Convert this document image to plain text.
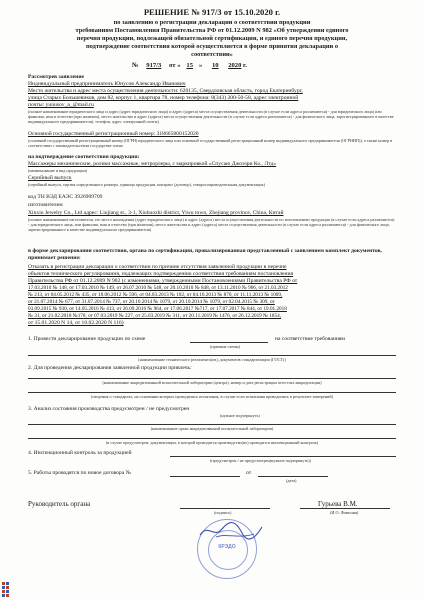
РЕШЕНИЕ № 917/3 от 15.10.2020 г.
по заявлению о регистрации декларации о соответствии продукции
требованиям Постановления Правительства РФ от 01.12.2009 N 982 «Об утверждении единого
перечня продукции, подлежащей обязательной сертификации, и единого перечня продукции,
подтверждение соответствия которой осуществляется в форме принятия декларации о
соответствии»
№ 917/3 от « 15 » 10 2020 г.
Рассмотрев заявление
Индивидуальный предприниматель Юнусов Александр Иванович
Место жительства и адрес места осуществления деятельности: 620135, Свердловская область, город Екатеринбург,
улица Старых Большевиков, дом 82, корпус 1, квартира 78, номер телефона: 8(343) 200-50-58, адрес электронной
почты: yunusov_a_@mail.ru
(полное наименование юридического лица и адрес (адрес юридического лица) и адрес (адреса) места осуществления деятельности (в случае если адреса различаются) - для юридического лица) или фамилия, имя и отчество (при наличии), место жительства и адрес (адреса) места осуществления деятельности (в случае если адреса различаются) - для физического лица, зарегистрированного в качестве индивидуального предпринимателя), телефон, адрес электронной почты)
Основной государственный регистрационный номер: 318665800152020
(основной государственный регистрационный номер (ОГРН) юридического лица или основной государственный регистрационный номер индивидуального предпринимателя (ОГРНИП)), а также номер в соответствии с законодательством государства-члена
на подтверждение соответствия продукции:
Массажеры механические, ролики массажные, метрорлеры, с маркировкой «Спусаю Джоэзри Ко., Лтд»
(наименование и вид продукции)
Серийный выпуск
(серийный выпуск, партия определенного размера, единица продукции, контракт (договор), товаросопроводительная документация)
код ТН ВЭД ЕАЭС 3926909709
изготовителем
Xinxiu Jewelry Co., Ltd адрес: Liujiang st., 3-1, Xiuhuozhi district, Yiwu town, Zhejiang province, China, Китай
(полное наименование изготовителя, его место нахождения (адрес юридического лица) и адрес (адреса) места осуществления деятельности по изготовлению продукции (в случае если адреса различаются) - для юридического лица, или фамилия, имя и отчество (при наличии), место жительства и адрес (адреса) места осуществления деятельности (в случае если адреса различаются) - для физического лица, зарегистрированного в качестве индивидуального предпринимателя)
в форме декларирования соответствия, органа по сертификации, провализированная представленный с заявлением комплект документов, принимает решение:
Отказать в регистрации декларации о соответствии по причине отсутствия заявленной продукции в перечне
объектов технического регулирования, подлежащих подтверждению соответствия требованиям постановления
Правительства РФ от 01.12.2009 N 982 (с изменениями, утвержденными Постановлениями Правительства РФ от
17.03.2010 № 148, от 17.03.2010 № 149, от 26.07.2010 № 548, от 20.10.2010 № 848, от 13.11.2010 № 906, от 21.03.2012
№ 213, от 04.05.2012 № 435, от 18.06.2012 № 596, от 04.03.2013 № 182, от 04.10.2013 № 870, от 11.11.2013 № 1009,
от 21.07.2014 № 677, от 31.07.2014 № 737, от 20.10.2014 № 1079, от 20.10.2014 № 1079, от 02.04.2015 № 309, от
03.09.2015 № 930, от 14.05.2016 № 413, от 26.09.2016 № 964, от 17.06.2017 №717, от 17.07.2017 № 844, от 19.01.2018
№ 31, от 21.02.2018 №178, от 07.03.2019 № 227, от 25.03.2019 № 311, от 20.11.2019 № 1476, от 26.12.2019 № 1854,
от 15.01.2020 N 14, от 10.02.2020 N 116)
1. Провести декларирование продукции по схеме	на соответствие требованиям
(причина схемы)
(наименование технического регламента(ов), документов стандартизации (ГОСТ))
2. Для проведения декларирования заявленной продукции привлечь:
(наименование аккредитованной испытательной лаборатории (центра), номер и дата регистрации аттестата аккредитации)
(сведения о стандартах, на основании которых проводились испытания, в случае если испытания проводились в результате измерений)
3. Анализ состояния производства предусмотрен / не предусмотрен
(нужное подчеркнуть)
(наименование орган аккредитованной испытательной лаборатории)
(в случае предусмотрен: документации, в которой проводится производство(во) проводится инспекционный контроль)
4. Инспекционный контроль за продукцией
(предусмотрен / не предусмотрен(нужное подчеркнуть))
5. Работы проводятся по новое договора №	от
(дата)
Руководитель органа	Гурьева В.М.
(подпись)	(И.О. Фамилия)
КРЭДО
